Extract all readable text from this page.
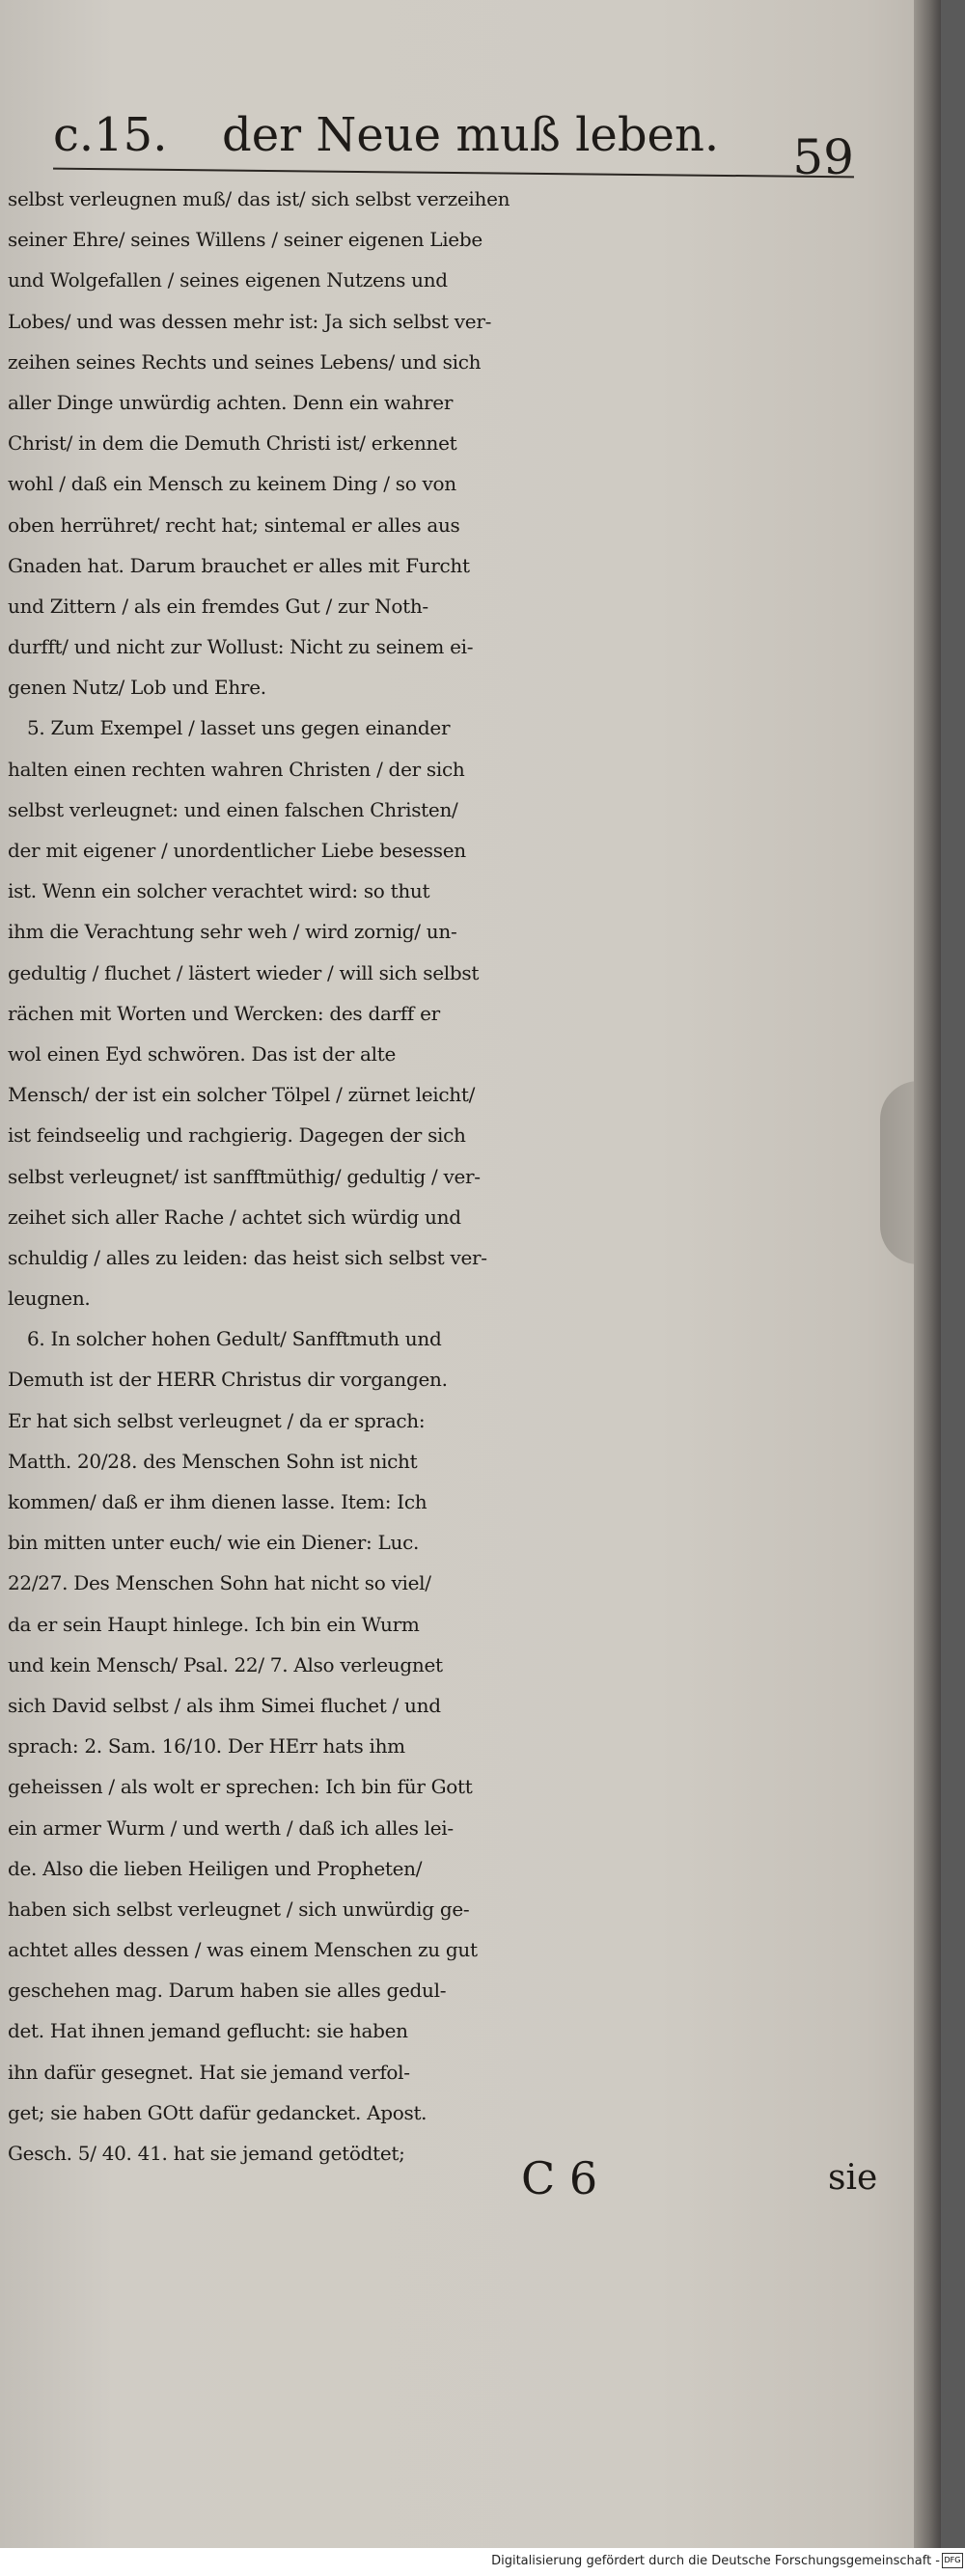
c.15. der Neue muß leben. 59
selbst verleugnen muß/ das ist/ sich selbst verzeihen
seiner Ehre/ seines Willens / seiner eigenen Liebe
und Wolgefallen / seines eigenen Nutzens und
Lobes/ und was dessen mehr ist: Ja sich selbst ver-
zeihen seines Rechts und seines Lebens/ und sich
aller Dinge unwürdig achten. Denn ein wahrer
Christ/ in dem die Demuth Christi ist/ erkennet
wohl / daß ein Mensch zu keinem Ding / so von
oben herrühret/ recht hat; sintemal er alles aus
Gnaden hat. Darum brauchet er alles mit Furcht
und Zittern / als ein fremdes Gut / zur Noth-
durfft/ und nicht zur Wollust: Nicht zu seinem ei-
genen Nutz/ Lob und Ehre.
5. Zum Exempel / lasset uns gegen einander
halten einen rechten wahren Christen / der sich
selbst verleugnet: und einen falschen Christen/
der mit eigener / unordentlicher Liebe besessen
ist. Wenn ein solcher verachtet wird: so thut
ihm die Verachtung sehr weh / wird zornig/ un-
gedultig / fluchet / lästert wieder / will sich selbst
rächen mit Worten und Wercken: des darff er
wol einen Eyd schwören. Das ist der alte
Mensch/ der ist ein solcher Tölpel / zürnet leicht/
ist feindseelig und rachgierig. Dagegen der sich
selbst verleugnet/ ist sanfftmüthig/ gedultig / ver-
zeihet sich aller Rache / achtet sich würdig und
schuldig / alles zu leiden: das heist sich selbst ver-
leugnen.
6. In solcher hohen Gedult/ Sanfftmuth und
Demuth ist der HERR Christus dir vorgangen.
Er hat sich selbst verleugnet / da er sprach:
Matth. 20/28. des Menschen Sohn ist nicht
kommen/ daß er ihm dienen lasse. Item: Ich
bin mitten unter euch/ wie ein Diener: Luc.
22/27. Des Menschen Sohn hat nicht so viel/
da er sein Haupt hinlege. Ich bin ein Wurm
und kein Mensch/ Psal. 22/ 7. Also verleugnet
sich David selbst / als ihm Simei fluchet / und
sprach: 2. Sam. 16/10. Der HErr hats ihm
geheissen / als wolt er sprechen: Ich bin für Gott
ein armer Wurm / und werth / daß ich alles lei-
de. Also die lieben Heiligen und Propheten/
haben sich selbst verleugnet / sich unwürdig ge-
achtet alles dessen / was einem Menschen zu gut
geschehen mag. Darum haben sie alles gedul-
det. Hat ihnen jemand geflucht: sie haben
ihn dafür gesegnet. Hat sie jemand verfol-
get; sie haben GOtt dafür gedancket. Apost.
Gesch. 5/ 40. 41. hat sie jemand getödtet;	C 6	sie
Digitalisierung gefördert durch die Deutsche Forschungsgemeinschaft - DFG
